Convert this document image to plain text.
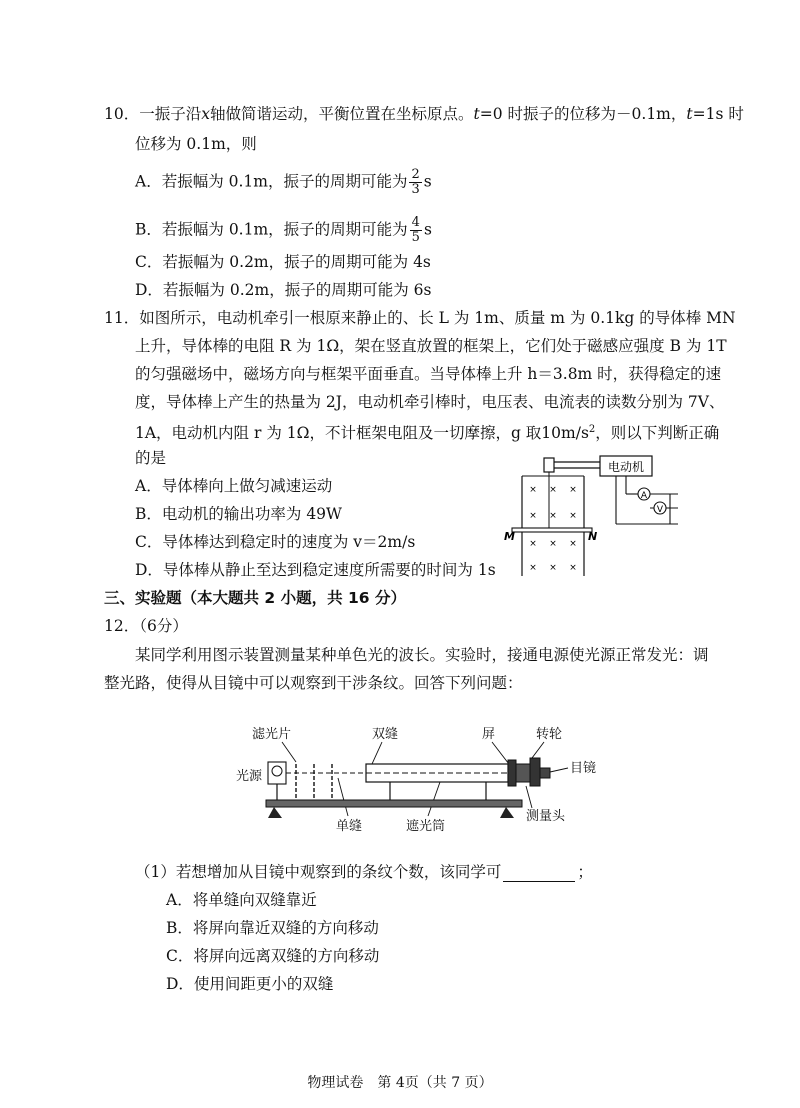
10．一振子沿x轴做简谐运动，平衡位置在坐标原点。t=0 时振子的位移为－0.1m，t=1s 时
位移为 0.1m，则
A．若振幅为 0.1m，振子的周期可能为 $\frac{2}{3}$ s
B．若振幅为 0.1m，振子的周期可能为 $\frac{4}{5}$ s
C．若振幅为 0.2m，振子的周期可能为 4s
D．若振幅为 0.2m，振子的周期可能为 6s
11．如图所示，电动机牵引一根原来静止的、长 L 为 1m、质量 m 为 0.1kg 的导体棒 MN
上升，导体棒的电阻 R 为 1Ω，架在竖直放置的框架上，它们处于磁感应强度 B 为 1T
的匀强磁场中，磁场方向与框架平面垂直。当导体棒上升 h＝3.8m 时，获得稳定的速
度，导体棒上产生的热量为 2J，电动机牵引棒时，电压表、电流表的读数分别为 7V、
1A，电动机内阻 r 为 1Ω，不计框架电阻及一切摩擦，g 取$10m/s^2$，则以下判断正确
的是
A．导体棒向上做匀减速运动
B．电动机的输出功率为 49W
C．导体棒达到稳定时的速度为 v＝2m/s
D．导体棒从静止至达到稳定速度所需要的时间为 1s
电动机
A
V
M	N
× × ×
× × ×
× × ×
× × ×
三、实验题（本大题共 2 小题，共 16 分）
12．（6分）
某同学利用图示装置测量某种单色光的波长。实验时，接通电源使光源正常发光：调
整光路，使得从目镜中可以观察到干涉条纹。回答下列问题：
滤光片	双缝	屏	转轮
光源
目镜
单缝	遮光筒
测量头
（1）若想增加从目镜中观察到的条纹个数，该同学可	；
A．将单缝向双缝靠近
B．将屏向靠近双缝的方向移动
C．将屏向远离双缝的方向移动
D．使用间距更小的双缝
物理试卷　第 4页（共 7 页）
